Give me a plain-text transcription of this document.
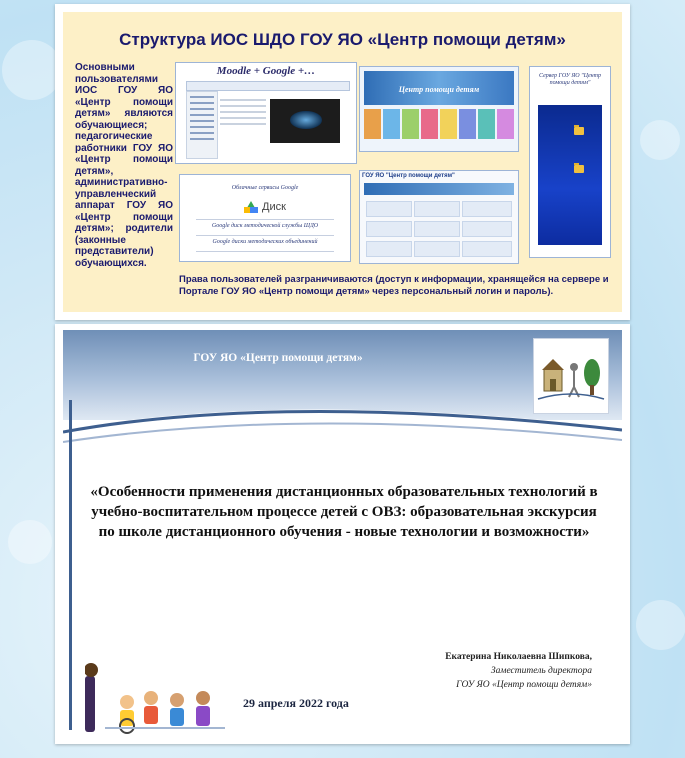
Структура ИОС ШДО ГОУ ЯО «Центр помощи детям»
Основными пользователями ИОС ГОУ ЯО «Центр помощи детям» являются обучающиеся; педагогические работники ГОУ ЯО «Центр помощи детям», административно-управленческий аппарат ГОУ ЯО «Центр помощи детям»; родители (законные представители) обучающихся.
Moodle + Google +…
Облачные сервисы Google
Диск
Google диск методической службы ШДО
Google диски методических объединений
Центр помощи детям
ГОУ ЯО "Центр помощи детям"
Сервер ГОУ ЯО "Центр помощи детям"
Права пользователей разграничиваются (доступ к информации, хранящейся на сервере и Портале ГОУ ЯО «Центр помощи детям» через персональный логин и пароль).
ГОУ ЯО «Центр помощи детям»
«Особенности применения дистанционных образовательных технологий в учебно-воспитательном процессе детей с ОВЗ: образовательная экскурсия по школе дистанционного обучения - новые технологии и возможности»
Екатерина Николаевна Шипкова,
Заместитель директора
ГОУ ЯО «Центр помощи детям»
29 апреля 2022 года
